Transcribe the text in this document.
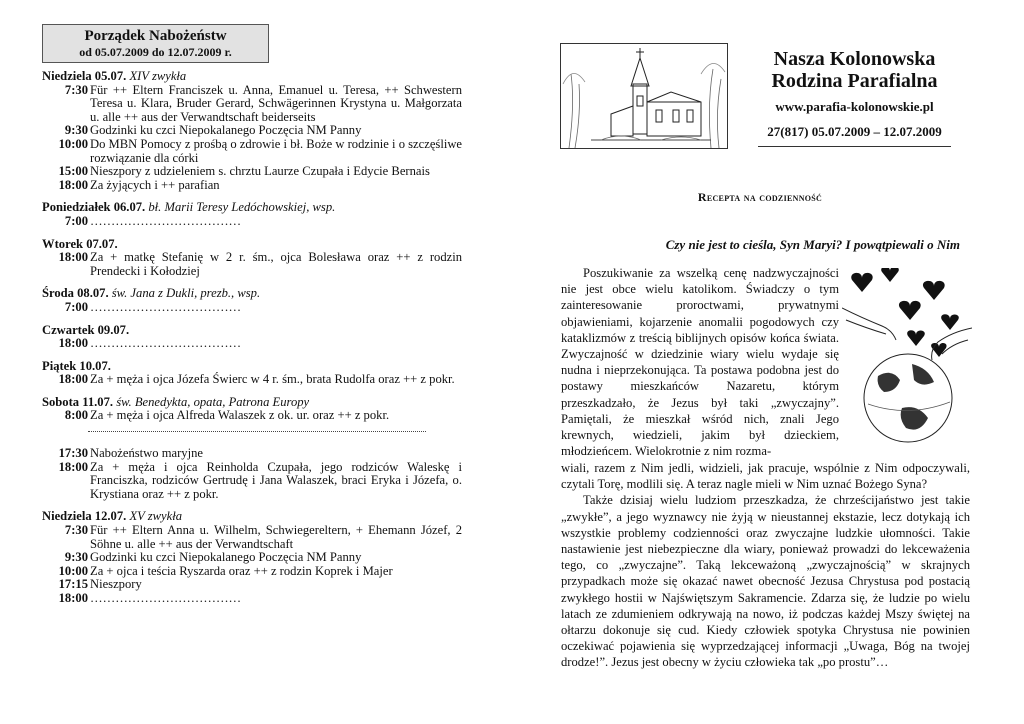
Porządek Nabożeństw
od 05.07.2009 do 12.07.2009 r.
Niedziela 05.07. XIV zwykła
7:30 Für ++ Eltern Franciszek u. Anna, Emanuel u. Teresa, ++ Schwestern Teresa u. Klara, Bruder Gerard, Schwägerinnen Krystyna u. Małgorzata u. alle ++ aus der Verwandtschaft beiderseits
9:30 Godzinki ku czci Niepokalanego Poczęcia NM Panny
10:00 Do MBN Pomocy z prośbą o zdrowie i bł. Boże w rodzinie i o szczęśliwe rozwiązanie dla córki
15:00 Nieszpory z udzieleniem s. chrztu Laurze Czupała i Edycie Bernais
18:00 Za żyjących i ++ parafian
Poniedziałek 06.07. bł. Marii Teresy Ledóchowskiej, wsp.
7:00 ………………………………
Wtorek 07.07.
18:00 Za + matkę Stefanię w 2 r. śm., ojca Bolesława oraz ++ z rodzin Prendecki i Kołodziej
Środa 08.07. św. Jana z Dukli, prezb., wsp.
7:00 ………………………………
Czwartek 09.07.
18:00 ………………………………
Piątek 10.07.
18:00 Za + męża i ojca Józefa Świerc w 4 r. śm., brata Rudolfa oraz ++ z pokr.
Sobota 11.07. św. Benedykta, opata, Patrona Europy
8:00 Za + męża i ojca Alfreda Walaszek z ok. ur. oraz ++ z pokr.
17:30 Nabożeństwo maryjne
18:00 Za + męża i ojca Reinholda Czupała, jego rodziców Waleskę i Franciszka, rodziców Gertrudę i Jana Walaszek, braci Eryka i Józefa, o. Krystiana oraz ++ z pokr.
Niedziela 12.07. XV zwykła
7:30 Für ++ Eltern Anna u. Wilhelm, Schwiegereltern, + Ehemann Józef, 2 Söhne u. alle ++ aus der Verwandtschaft
9:30 Godzinki ku czci Niepokalanego Poczęcia NM Panny
10:00 Za + ojca i teścia Ryszarda oraz ++ z rodzin Koprek i Majer
17:15 Nieszpory
18:00 ………………………………
Nasza Kolonowska
Rodzina Parafialna
www.parafia-kolonowskie.pl
27(817) 05.07.2009 – 12.07.2009
Recepta na codzienność
Czy nie jest to cieśla, Syn Maryi? I powątpiewali o Nim

Poszukiwanie za wszelką cenę nadzwyczajności nie jest obce wielu katolikom. Świadczy o tym zainteresowanie proroctwami, prywatnymi objawieniami, kojarzenie anomalii pogodowych czy kataklizmów z treścią biblijnych opisów końca świata. Zwyczajność w dziedzinie wiary wielu wydaje się nudna i nieprzekonująca. Ta postawa podobna jest do postawy mieszkańców Nazaretu, którym przeszkadzało, że Jezus był taki „zwyczajny”. Pamiętali, że mieszkał wśród nich, znali Jego krewnych, wiedzieli, jakim był dzieckiem, młodzieńcem. Wielokrotnie z nim rozma-

wiali, razem z Nim jedli, widzieli, jak pracuje, wspólnie z Nim odpoczywali, czytali Torę, modlili się. A teraz nagle mieli w Nim uznać Bożego Syna?

Także dzisiaj wielu ludziom przeszkadza, że chrześcijaństwo jest takie „zwykłe”, a jego wyznawcy nie żyją w nieustannej ekstazie, lecz dotykają ich wszystkie problemy codzienności oraz zwyczajne ludzkie ułomności. Takie nastawienie jest niebezpieczne dla wiary, ponieważ prowadzi do lekceważenia tego, co „zwyczajne”. Taką lekceważoną „zwyczajnością” w skrajnych przypadkach może się okazać nawet obecność Jezusa Chrystusa pod postacią zwykłego hostii w Najświętszym Sakramencie. Zdarza się, że ludzie po wielu latach ze zdumieniem odkrywają na nowo, iż podczas każdej Mszy świętej na ołtarzu dokonuje się cud. Kiedy człowiek spotyka Chrystusa nie powinien oczekiwać pojawienia się wyprzedzającej informacji „Uwaga, Bóg na twojej drodze!”. Jezus jest obecny w życiu człowieka tak „po prostu”…
